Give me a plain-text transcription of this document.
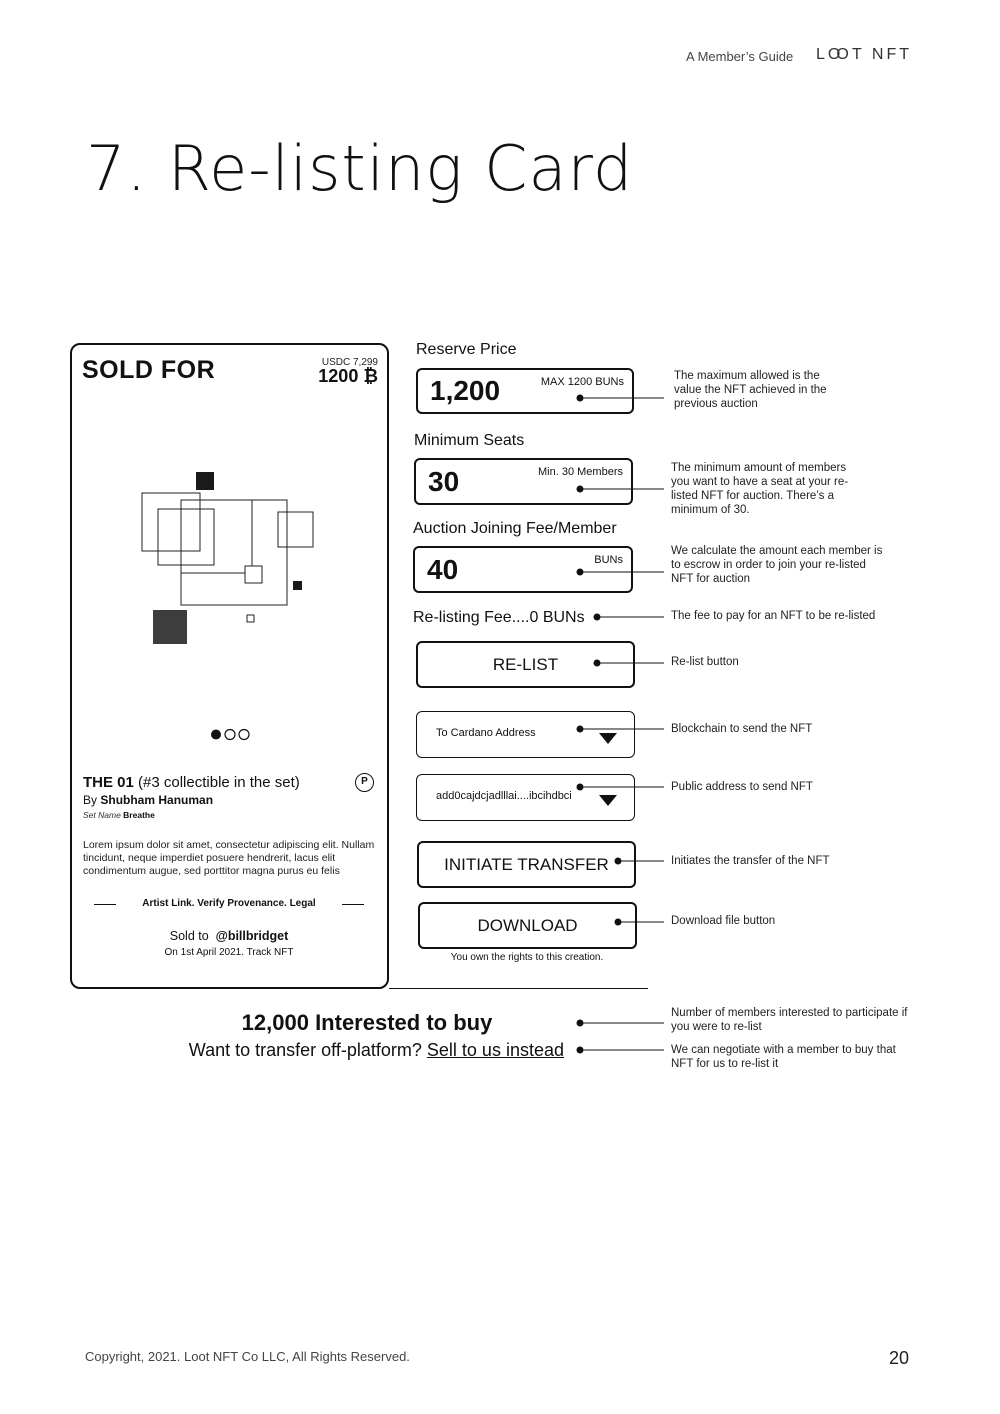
A Member’s Guide LOO T NFT
7. Re-listing Card
SOLD FOR	USDC 7,299
1200 ₿
THE 01 (#3 collectible in the set)	P
By Shubham Hanuman
Set Name Breathe
Lorem ipsum dolor sit amet, consectetur adipiscing elit. Nullam tincidunt, neque imperdiet posuere hendrerit, lacus elit condimentum augue, sed porttitor magna purus eu felis
Artist Link. Verify Provenance. Legal
Sold to @billbridget
On 1st April 2021. Track NFT
Reserve Price
1,200	MAX 1200 BUNs
Minimum Seats
30	Min. 30 Members
Auction Joining Fee/Member
40	BUNs
Re-listing Fee....0 BUNs
RE-LIST
To Cardano Address
add0cajdcjadlllai....ibcihdbci
INITIATE TRANSFER
DOWNLOAD
You own the rights to this creation.
The maximum allowed is the value the NFT achieved in the previous auction
The minimum amount of members you want to have a seat at your re-listed NFT for auction. There’s a minimum of 30.
We calculate the amount each member is to escrow in order to join your re-listed NFT for auction
The fee to pay for an NFT to be re-listed
Re-list button
Blockchain to send the NFT
Public address to send NFT
Initiates the transfer of the NFT
Download file button
Number of members interested to participate if you were to re-list
We can negotiate with a member to buy that NFT for us to re-list it
12,000 Interested to buy
Want to transfer off-platform? Sell to us instead
Copyright, 2021. Loot NFT Co LLC, All Rights Reserved.	20
